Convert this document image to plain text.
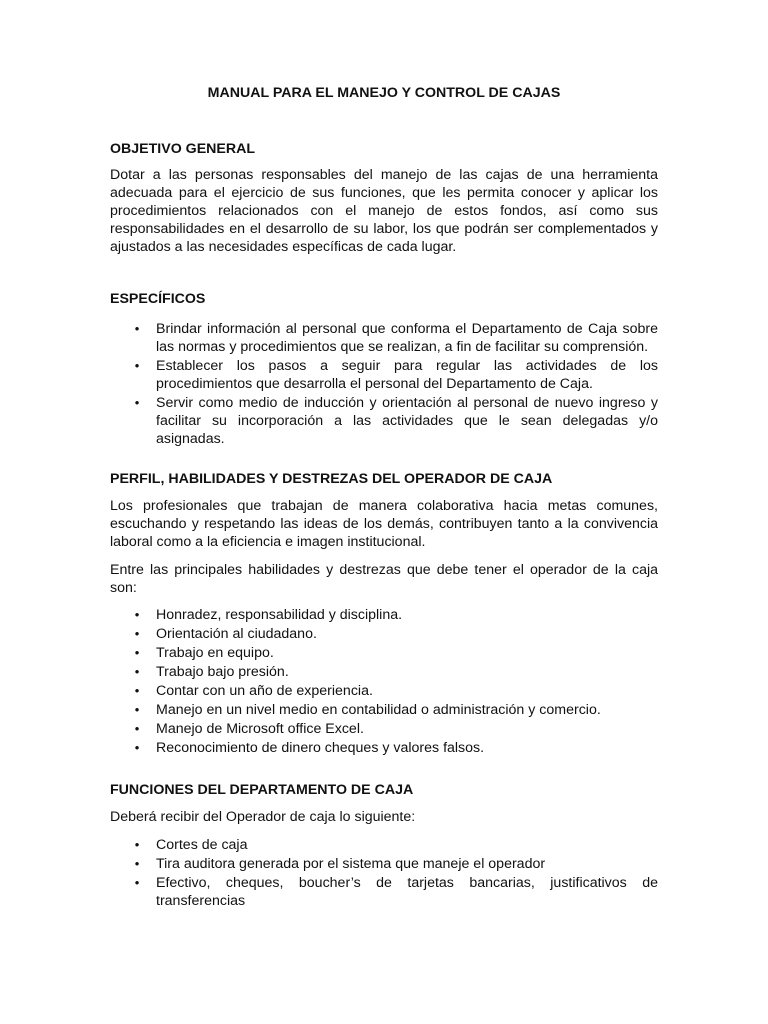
MANUAL PARA EL MANEJO Y CONTROL DE CAJAS
OBJETIVO GENERAL

Dotar a las personas responsables del manejo de las cajas de una herramienta adecuada para el ejercicio de sus funciones, que les permita conocer y aplicar los procedimientos relacionados con el manejo de estos fondos, así como sus responsabilidades en el desarrollo de su labor, los que podrán ser complementados y ajustados a las necesidades específicas de cada lugar.

ESPECÍFICOS
• Brindar información al personal que conforma el Departamento de Caja sobre las normas y procedimientos que se realizan, a fin de facilitar su comprensión.
• Establecer los pasos a seguir para regular las actividades de los procedimientos que desarrolla el personal del Departamento de Caja.
• Servir como medio de inducción y orientación al personal de nuevo ingreso y facilitar su incorporación a las actividades que le sean delegadas y/o asignadas.
PERFIL, HABILIDADES Y DESTREZAS DEL OPERADOR DE CAJA

Los profesionales que trabajan de manera colaborativa hacia metas comunes, escuchando y respetando las ideas de los demás, contribuyen tanto a la convivencia laboral como a la eficiencia e imagen institucional.

Entre las principales habilidades y destrezas que debe tener el operador de la caja son:

• Honradez, responsabilidad y disciplina.
• Orientación al ciudadano.
• Trabajo en equipo.
• Trabajo bajo presión.
• Contar con un año de experiencia.
• Manejo en un nivel medio en contabilidad o administración y comercio.
• Manejo de Microsoft office Excel.
• Reconocimiento de dinero cheques y valores falsos.
FUNCIONES DEL DEPARTAMENTO DE CAJA

Deberá recibir del Operador de caja lo siguiente:

• Cortes de caja
• Tira auditora generada por el sistema que maneje el operador
• Efectivo, cheques, boucher’s de tarjetas bancarias, justificativos de transferencias
